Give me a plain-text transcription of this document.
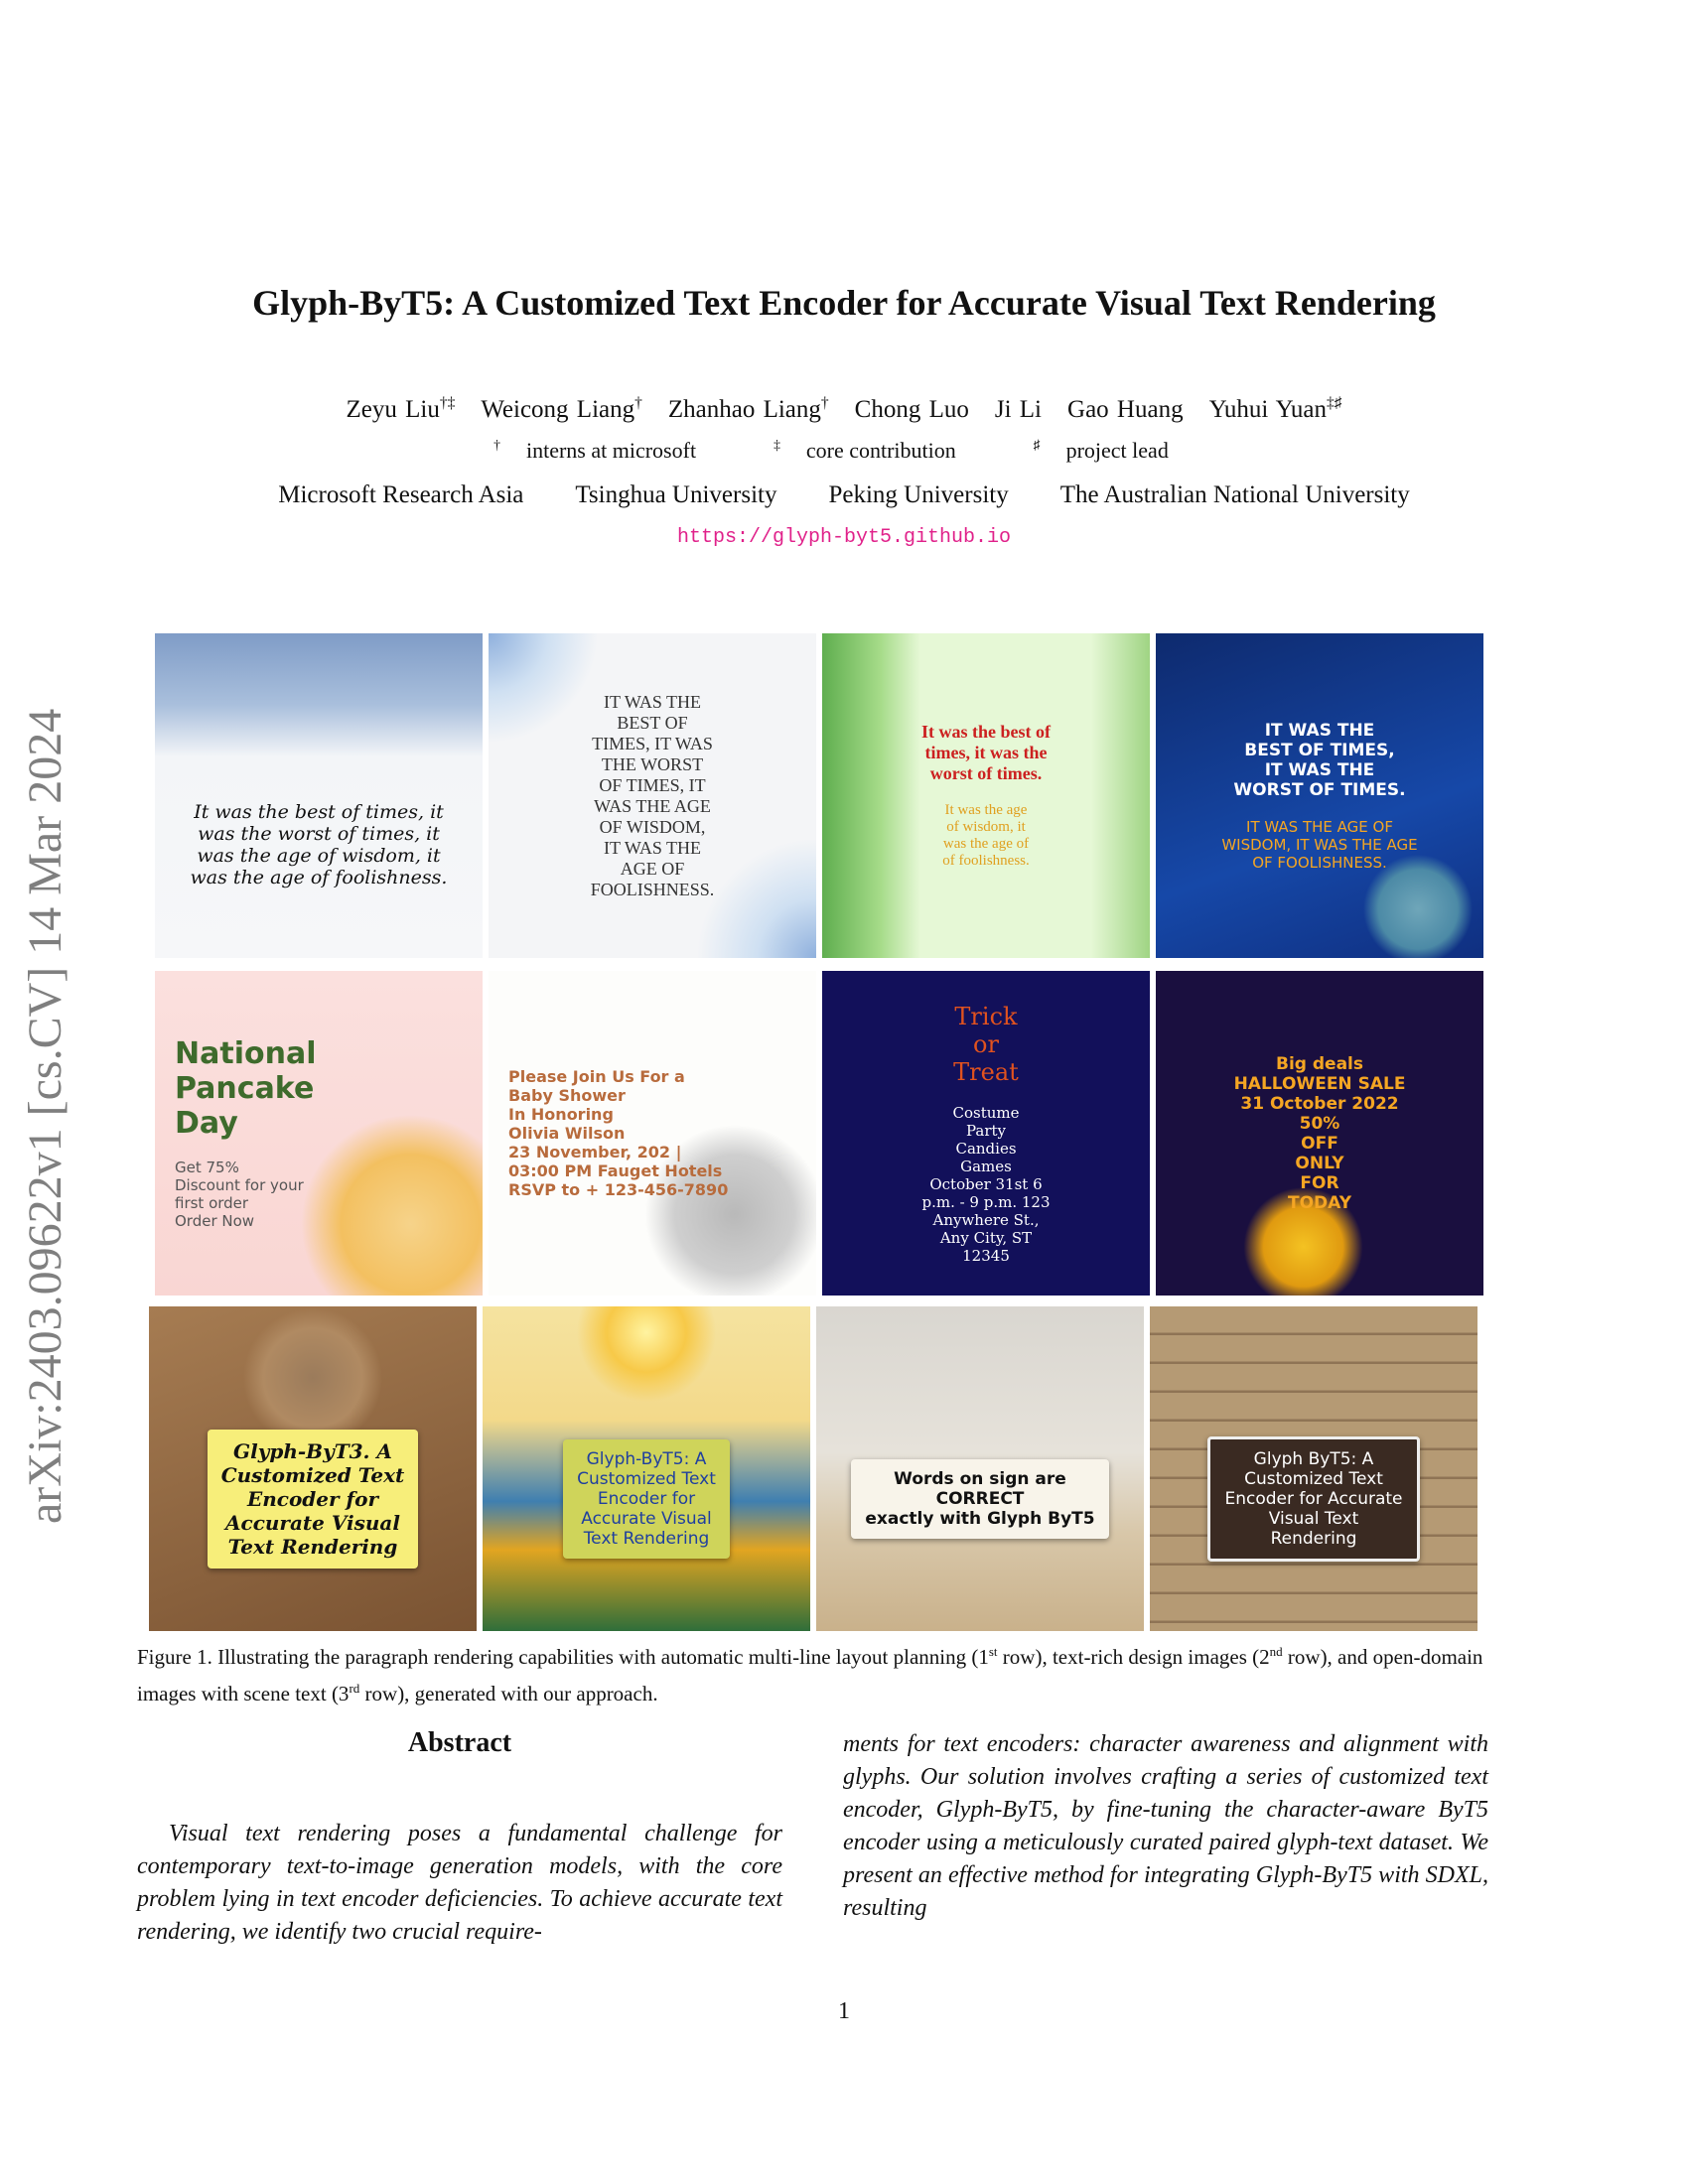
Glyph-ByT5: A Customized Text Encoder for Accurate Visual Text Rendering
Zeyu Liu†‡ Weicong Liang† Zhanhao Liang† Chong Luo Ji Li Gao Huang Yuhui Yuan‡♯
† interns at microsoft	‡ core contribution	♯ project lead
Microsoft Research Asia Tsinghua University Peking University The Australian National University
https://glyph-byt5.github.io
arXiv:2403.09622v1 [cs.CV] 14 Mar 2024	It was the best of times, it
was the worst of times, it
was the age of wisdom, it
was the age of foolishness.
IT WAS THE
BEST OF
TIMES, IT WAS
THE WORST
OF TIMES, IT
WAS THE AGE
OF WISDOM,
IT WAS THE
AGE OF
FOOLISHNESS.
It was the best of
times, it was the
worst of times.
It was the age
of wisdom, it
was the age of
of foolishness.
IT WAS THE
BEST OF TIMES,
IT WAS THE
WORST OF TIMES.
IT WAS THE AGE OF
WISDOM, IT WAS THE AGE
OF FOOLISHNESS.
National
Pancake
Day
Get 75%
Discount for your
first order
Order Now
Please Join Us For a
Baby Shower
In Honoring
Olivia Wilson
23 November, 202 |
03:00 PM Fauget Hotels
RSVP to + 123-456-7890
Trick
or
Treat
Costume
Party
Candies
Games
October 31st 6
p.m. - 9 p.m. 123
Anywhere St.,
Any City, ST
12345
Big deals
HALLOWEEN SALE
31 October 2022
50%
OFF
ONLY
FOR
TODAY
Glyph-ByT3. A
Customized Text
Encoder for
Accurate Visual
Text Rendering
Glyph-ByT5: A
Customized Text
Encoder for
Accurate Visual
Text Rendering
Words on sign are
CORRECT
exactly with Glyph ByT5
Glyph ByT5: A
Customized Text
Encoder for Accurate
Visual Text
Rendering
Figure 1. Illustrating the paragraph rendering capabilities with automatic multi-line layout planning (1st row), text-rich design images (2nd row), and open-domain images with scene text (3rd row), generated with our approach.
Abstract
Visual text rendering poses a fundamental challenge for contemporary text-to-image generation models, with the core problem lying in text encoder deficiencies. To achieve accurate text rendering, we identify two crucial require-
ments for text encoders: character awareness and alignment with glyphs. Our solution involves crafting a series of customized text encoder, Glyph-ByT5, by fine-tuning the character-aware ByT5 encoder using a meticulously curated paired glyph-text dataset. We present an effective method for integrating Glyph-ByT5 with SDXL, resulting
1
